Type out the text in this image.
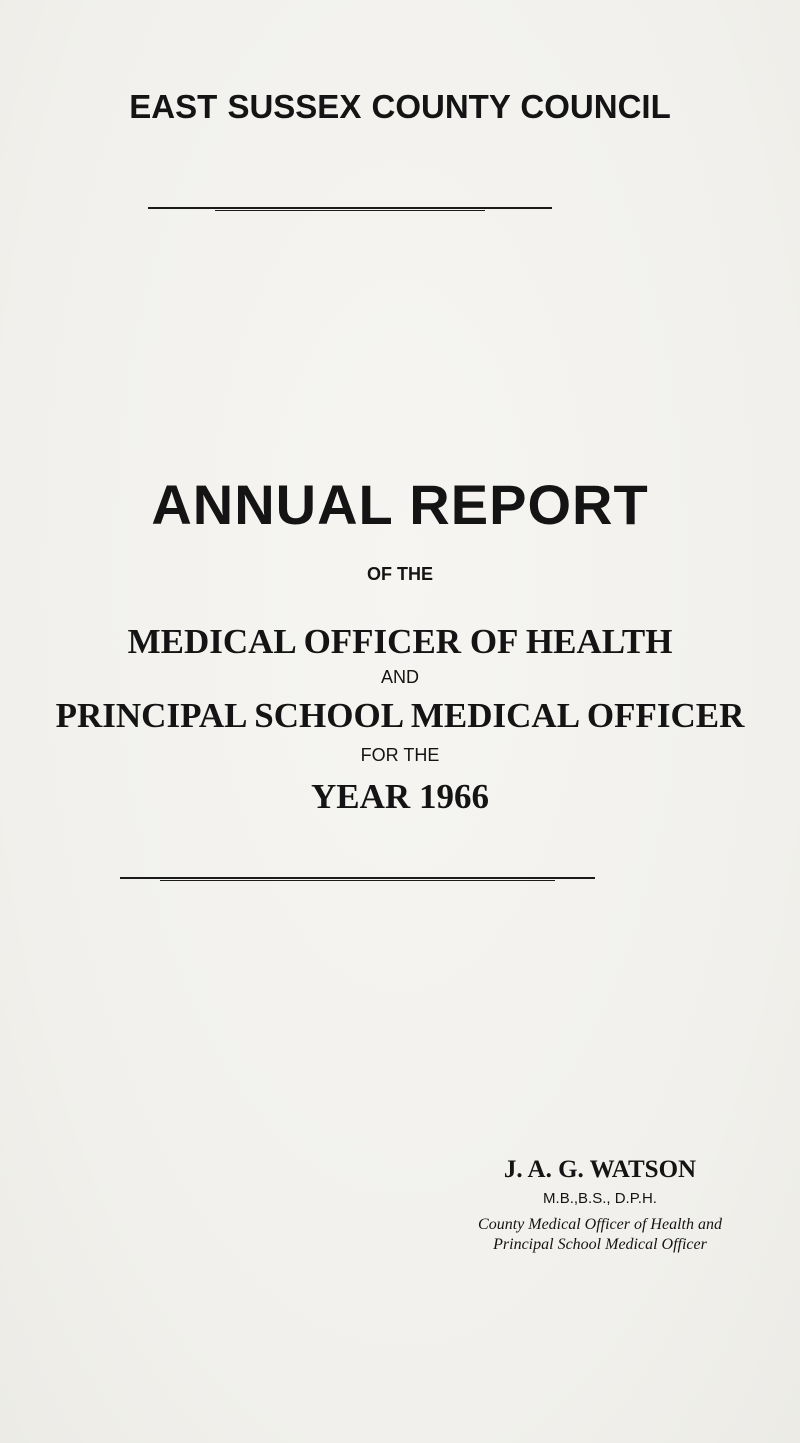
EAST SUSSEX COUNTY COUNCIL
ANNUAL REPORT
OF THE
MEDICAL OFFICER OF HEALTH
AND
PRINCIPAL SCHOOL MEDICAL OFFICER
FOR THE
YEAR 1966
J. A. G. WATSON
M.B.,B.S., D.P.H.
County Medical Officer of Health and
Principal School Medical Officer
